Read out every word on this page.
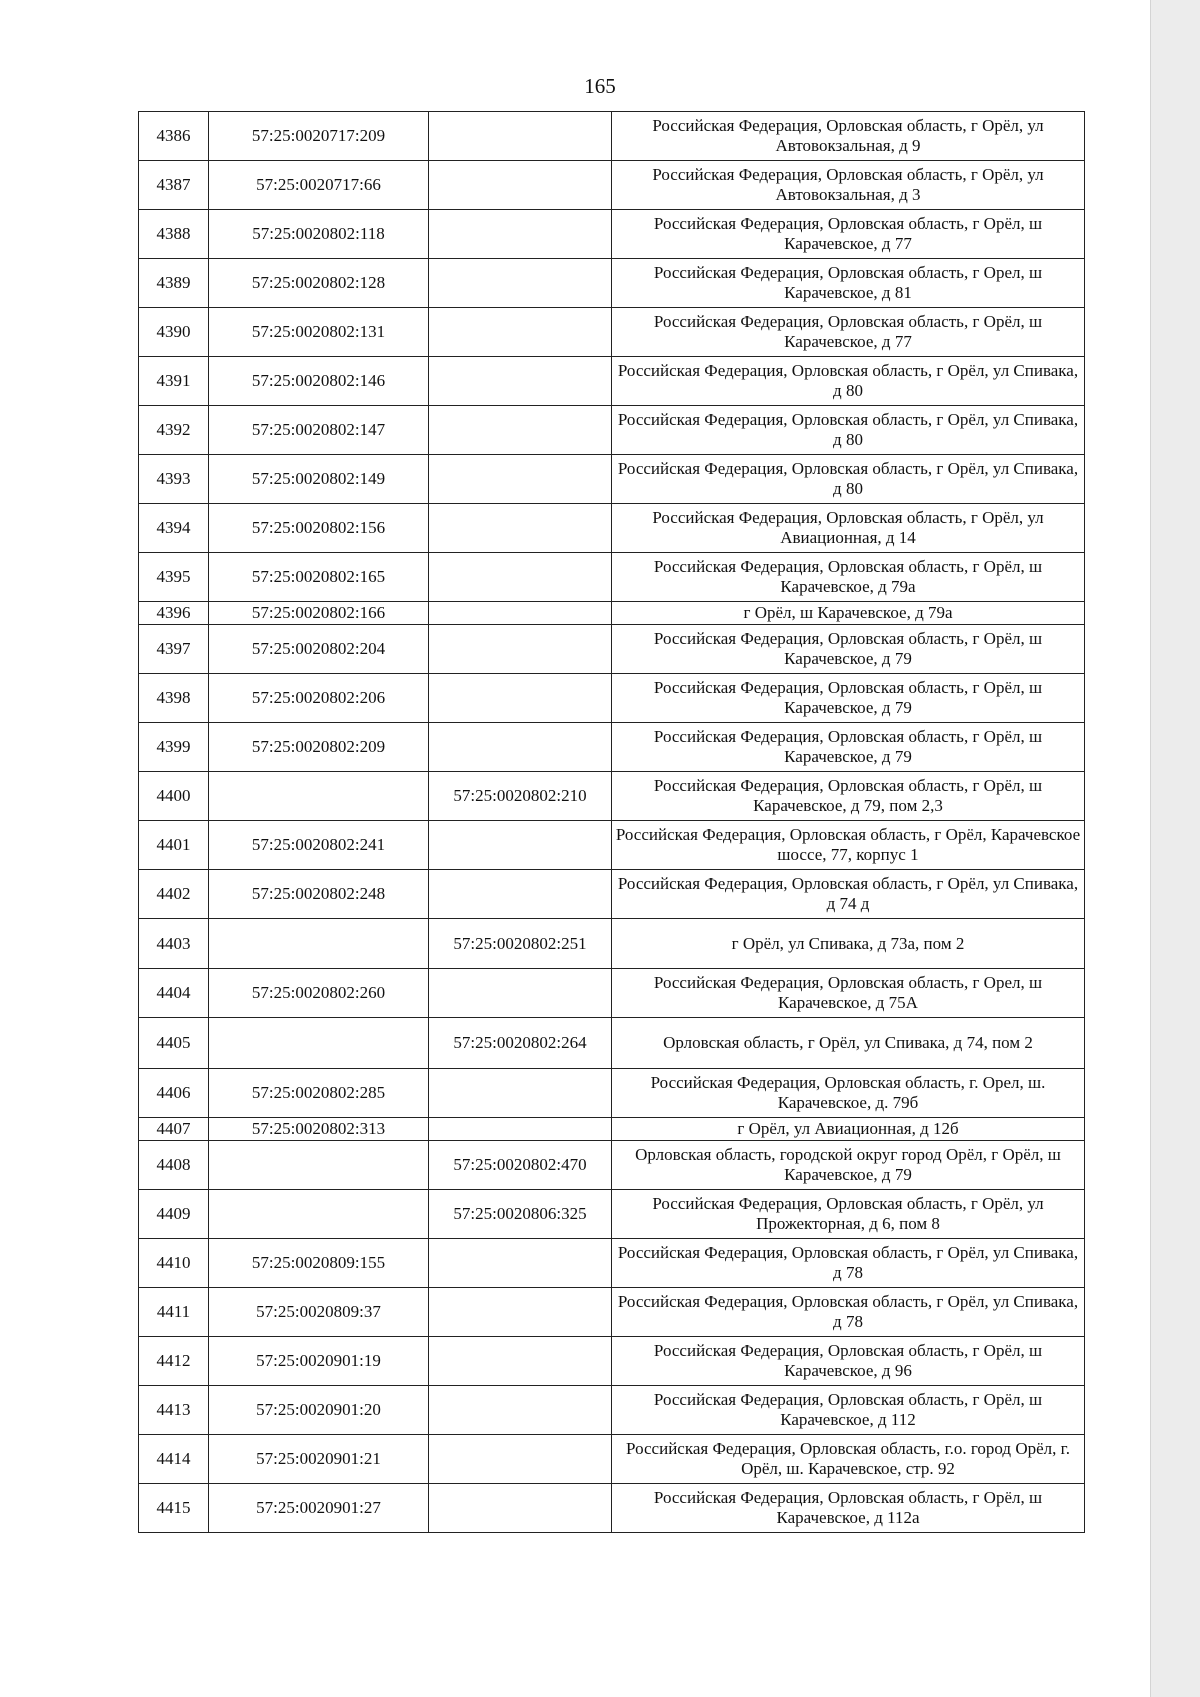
165
4386	57:25:0020717:209		Российская Федерация, Орловская область, г Орёл, ул Автовокзальная, д 9
4387	57:25:0020717:66		Российская Федерация, Орловская область, г Орёл, ул Автовокзальная, д 3
4388	57:25:0020802:118		Российская Федерация, Орловская область, г Орёл, ш Карачевское, д 77
4389	57:25:0020802:128		Российская Федерация, Орловская область, г Орел, ш Карачевское, д 81
4390	57:25:0020802:131		Российская Федерация, Орловская область, г Орёл, ш Карачевское, д 77
4391	57:25:0020802:146		Российская Федерация, Орловская область, г Орёл, ул Спивака, д 80
4392	57:25:0020802:147		Российская Федерация, Орловская область, г Орёл, ул Спивака, д 80
4393	57:25:0020802:149		Российская Федерация, Орловская область, г Орёл, ул Спивака, д 80
4394	57:25:0020802:156		Российская Федерация, Орловская область, г Орёл, ул Авиационная, д 14
4395	57:25:0020802:165		Российская Федерация, Орловская область, г Орёл, ш Карачевское, д 79а
4396	57:25:0020802:166		г Орёл, ш Карачевское, д 79а
4397	57:25:0020802:204		Российская Федерация, Орловская область, г Орёл, ш Карачевское, д 79
4398	57:25:0020802:206		Российская Федерация, Орловская область, г Орёл, ш Карачевское, д 79
4399	57:25:0020802:209		Российская Федерация, Орловская область, г Орёл, ш Карачевское, д 79
4400		57:25:0020802:210	Российская Федерация, Орловская область, г Орёл, ш Карачевское, д 79, пом 2,3
4401	57:25:0020802:241		Российская Федерация, Орловская область, г Орёл, Карачевское шоссе, 77, корпус 1
4402	57:25:0020802:248		Российская Федерация, Орловская область, г Орёл, ул Спивака, д 74 д
4403		57:25:0020802:251	г Орёл, ул Спивака, д 73а, пом 2
4404	57:25:0020802:260		Российская Федерация, Орловская область, г Орел, ш Карачевское, д 75А
4405		57:25:0020802:264	Орловская область, г Орёл, ул Спивака, д 74, пом 2
4406	57:25:0020802:285		Российская Федерация, Орловская область, г. Орел, ш. Карачевское, д. 79б
4407	57:25:0020802:313		г Орёл, ул Авиационная, д 12б
4408		57:25:0020802:470	Орловская область, городской округ город Орёл, г Орёл, ш Карачевское, д 79
4409		57:25:0020806:325	Российская Федерация, Орловская область, г Орёл, ул Прожекторная, д 6, пом 8
4410	57:25:0020809:155		Российская Федерация, Орловская область, г Орёл, ул Спивака, д 78
4411	57:25:0020809:37		Российская Федерация, Орловская область, г Орёл, ул Спивака, д 78
4412	57:25:0020901:19		Российская Федерация, Орловская область, г Орёл, ш Карачевское, д 96
4413	57:25:0020901:20		Российская Федерация, Орловская область, г Орёл, ш Карачевское, д 112
4414	57:25:0020901:21		Российская Федерация, Орловская область, г.о. город Орёл, г. Орёл, ш. Карачевское, стр. 92
4415	57:25:0020901:27		Российская Федерация, Орловская область, г Орёл, ш Карачевское, д 112а
